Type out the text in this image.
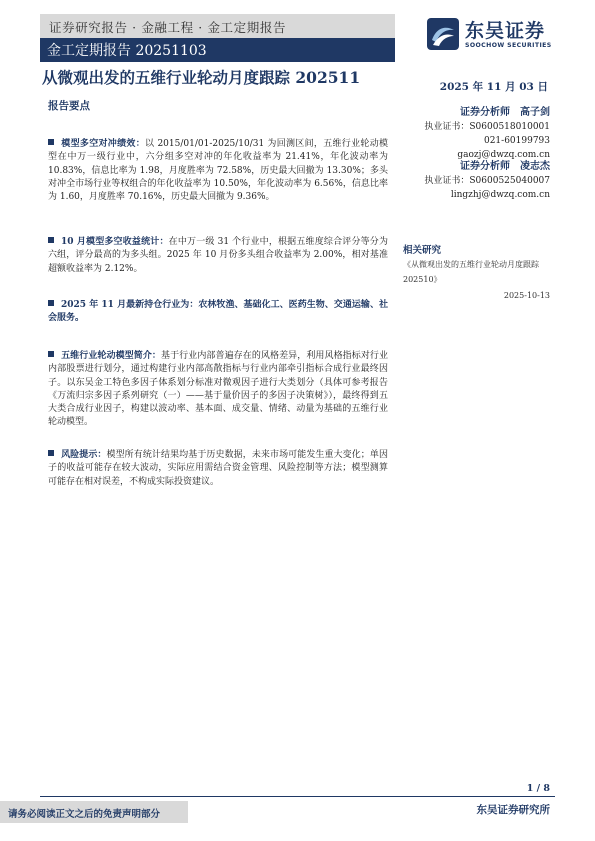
证券研究报告 · 金融工程 · 金工定期报告
金工定期报告 20251103
东吴证券
SOOCHOW SECURITIES
从微观出发的五维行业轮动月度跟踪 202511	2025 年 11 月 03 日
报告要点
模型多空对冲绩效：以 2015/01/01-2025/10/31 为回测区间，五维行业轮动模型在中万一级行业中，六分组多空对冲的年化收益率为 21.41%，年化波动率为 10.83%，信息比率为 1.98，月度胜率为 72.58%，历史最大回撤为 13.30%；多头对冲全市场行业等权组合的年化收益率为 10.50%，年化波动率为 6.56%，信息比率为 1.60，月度胜率 70.16%，历史最大回撤为 9.36%。
10 月模型多空收益统计：在中万一级 31 个行业中，根据五维度综合评分等分为六组，评分最高的为多头组。2025 年 10 月份多头组合收益率为 2.00%，相对基准超额收益率为 2.12%。
2025 年 11 月最新持仓行业为：农林牧渔、基础化工、医药生物、交通运输、社会服务。
五维行业轮动模型简介：基于行业内部普遍存在的风格差异，利用风格指标对行业内部股票进行划分，通过构建行业内部高散指标与行业内部牵引指标合成行业最终因子。以东吴金工特色多因子体系划分标准对微观因子进行大类划分（具体可参考报告《万流归宗多因子系列研究（一）——基于量价因子的多因子决策树》），最终得到五大类合成行业因子，构建以波动率、基本面、成交量、情绪、动量为基础的五维行业轮动模型。
风险提示：模型所有统计结果均基于历史数据，未来市场可能发生重大变化；单因子的收益可能存在较大波动，实际应用需结合资金管理、风险控制等方法；模型测算可能存在相对误差，不构成实际投资建议。
证券分析师 高子剑
执业证书：S0600518010001
021-60199793
gaozj@dwzq.com.cn
证券分析师 凌志杰
执业证书：S0600525040007
lingzhj@dwzq.com.cn
相关研究
《从微观出发的五维行业轮动月度跟踪 202510》
2025-10-13
1 / 8
请务必阅读正文之后的免责声明部分	东吴证券研究所
